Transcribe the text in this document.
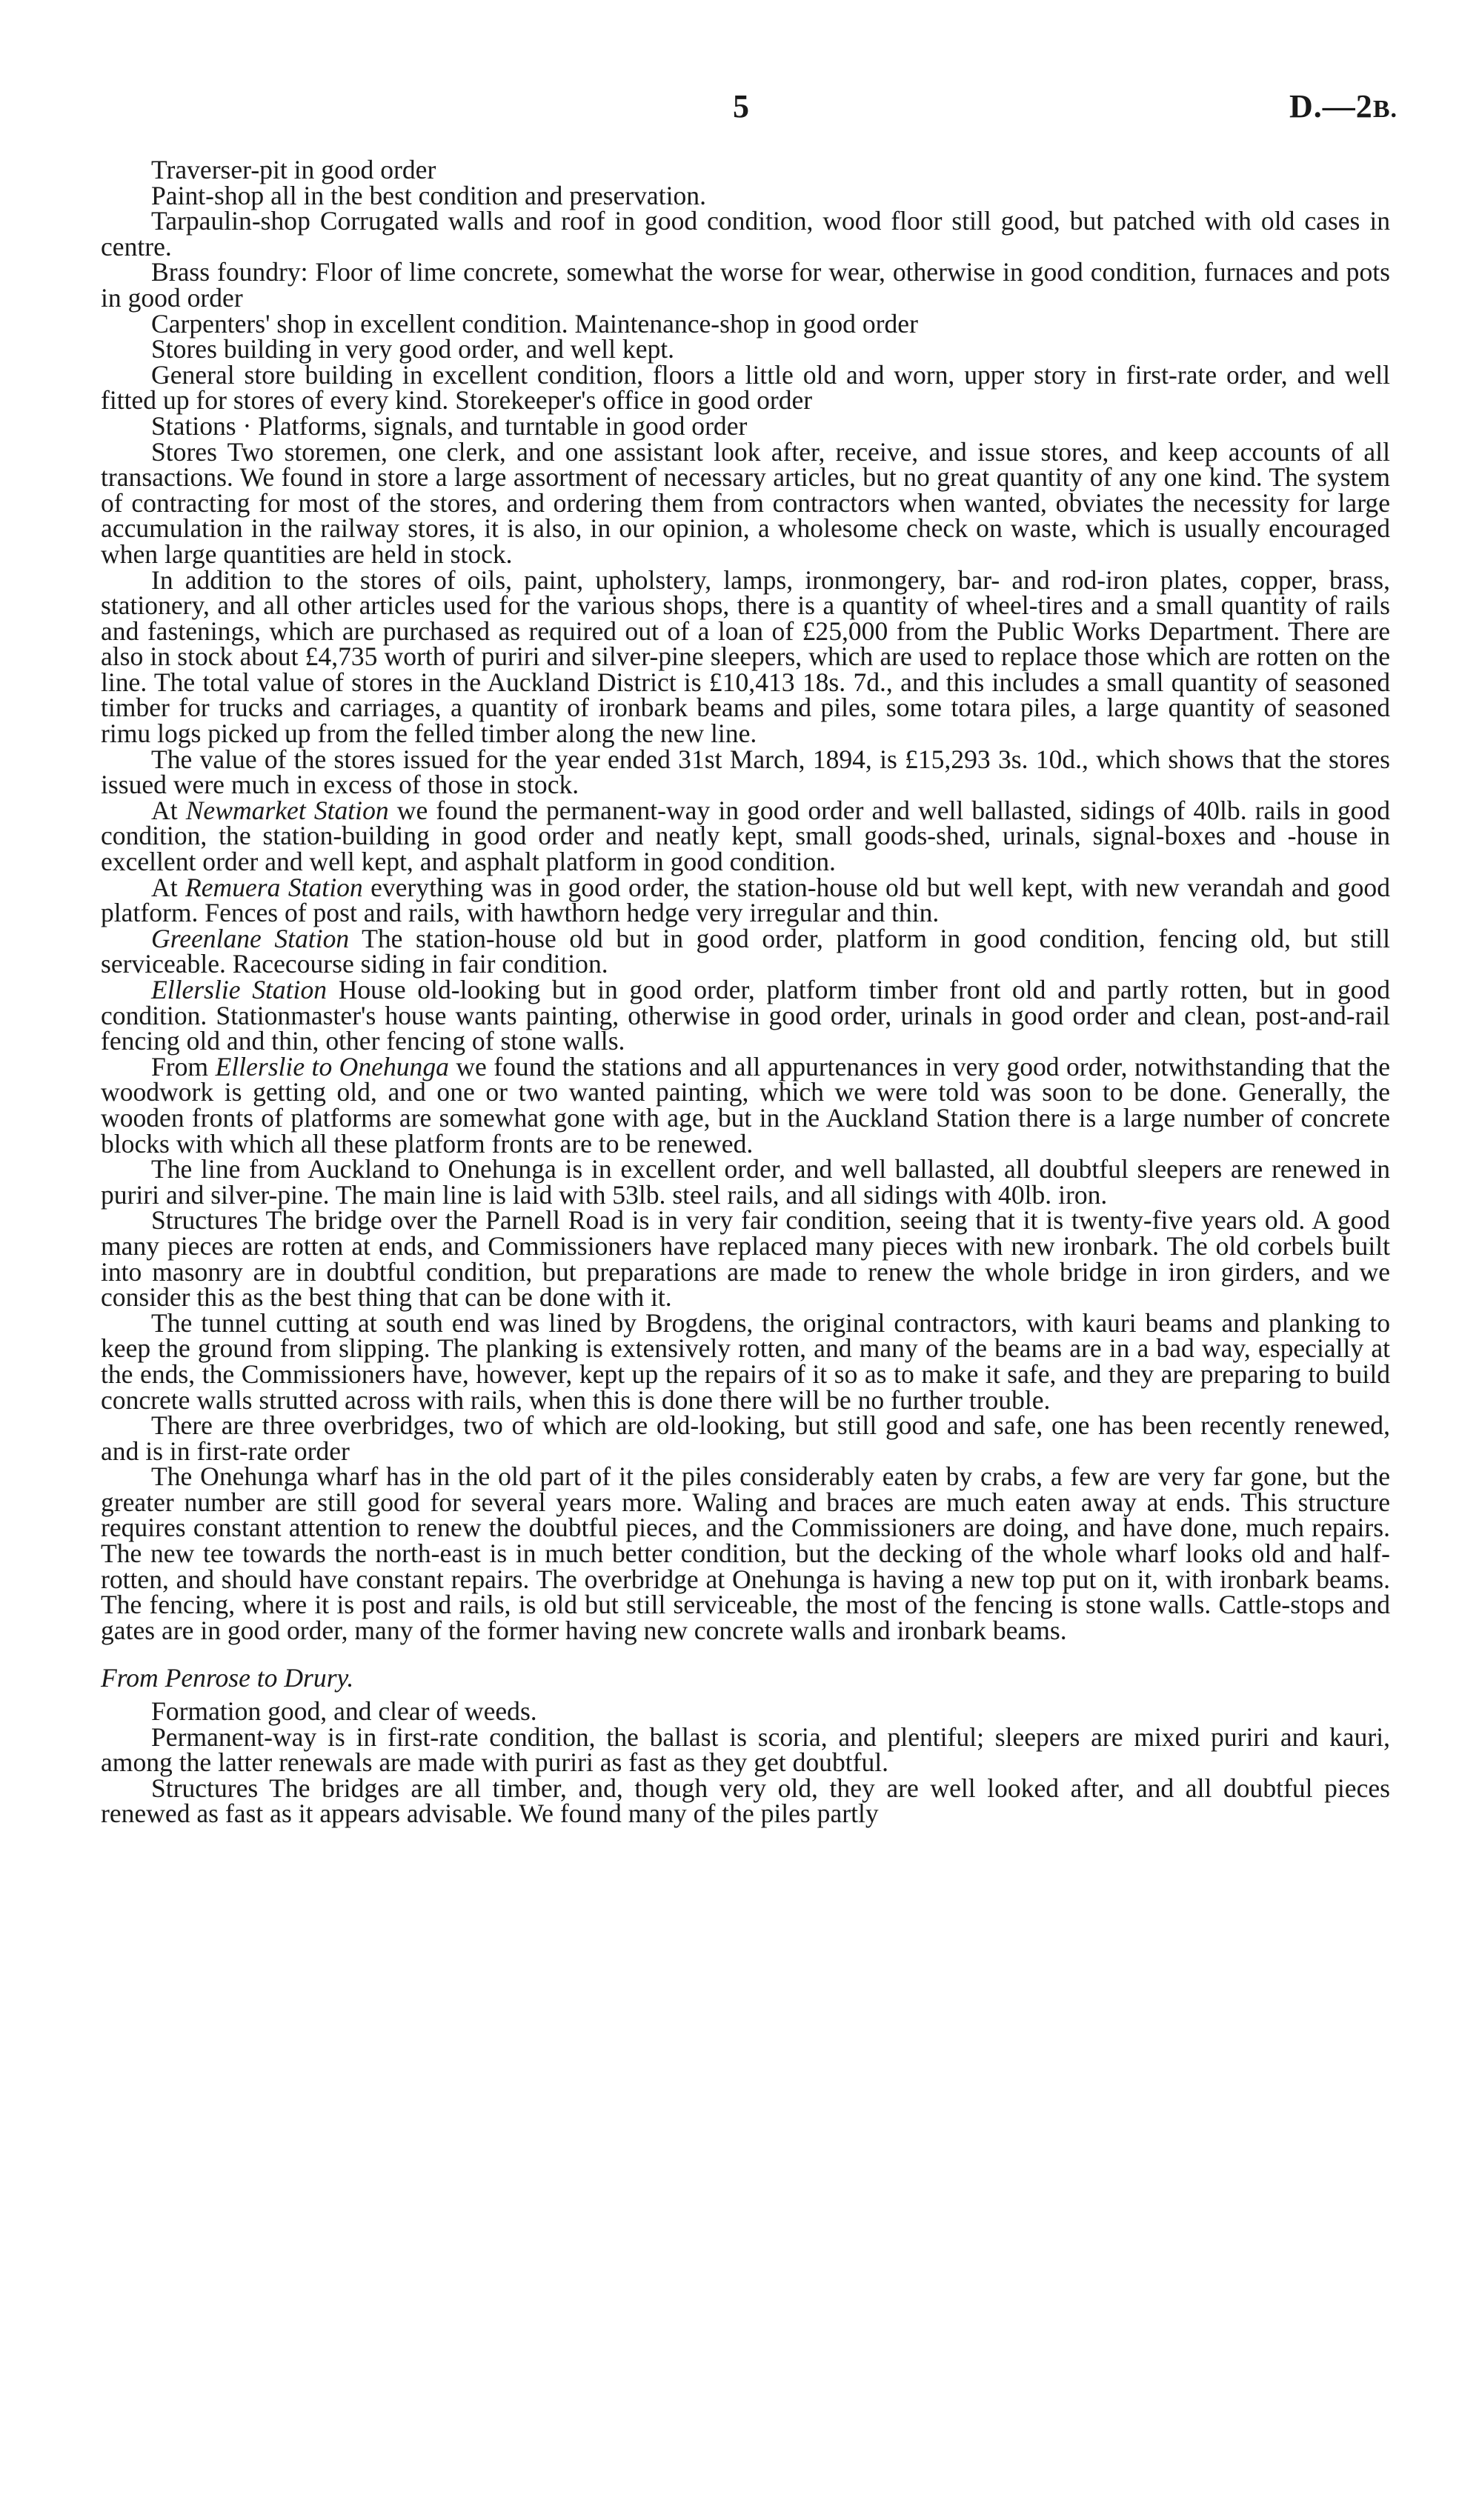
5	D.—2B.

Traverser-pit in good order

Paint-shop all in the best condition and preservation.

Tarpaulin-shop Corrugated walls and roof in good condition, wood floor still good, but patched with old cases in centre.

Brass foundry: Floor of lime concrete, somewhat the worse for wear, otherwise in good condition, furnaces and pots in good order

Carpenters' shop in excellent condition. Maintenance-shop in good order

Stores building in very good order, and well kept.

General store building in excellent condition, floors a little old and worn, upper story in first-rate order, and well fitted up for stores of every kind. Storekeeper's office in good order

Stations · Platforms, signals, and turntable in good order

Stores Two storemen, one clerk, and one assistant look after, receive, and issue stores, and keep accounts of all transactions. We found in store a large assortment of necessary articles, but no great quantity of any one kind. The system of contracting for most of the stores, and ordering them from contractors when wanted, obviates the necessity for large accumulation in the railway stores, it is also, in our opinion, a wholesome check on waste, which is usually encouraged when large quantities are held in stock.

In addition to the stores of oils, paint, upholstery, lamps, ironmongery, bar- and rod-iron plates, copper, brass, stationery, and all other articles used for the various shops, there is a quantity of wheel-tires and a small quantity of rails and fastenings, which are purchased as required out of a loan of £25,000 from the Public Works Department. There are also in stock about £4,735 worth of puriri and silver-pine sleepers, which are used to replace those which are rotten on the line. The total value of stores in the Auckland District is £10,413 18s. 7d., and this includes a small quantity of seasoned timber for trucks and carriages, a quantity of ironbark beams and piles, some totara piles, a large quantity of seasoned rimu logs picked up from the felled timber along the new line.

The value of the stores issued for the year ended 31st March, 1894, is £15,293 3s. 10d., which shows that the stores issued were much in excess of those in stock.

At Newmarket Station we found the permanent-way in good order and well ballasted, sidings of 40lb. rails in good condition, the station-building in good order and neatly kept, small goods-shed, urinals, signal-boxes and -house in excellent order and well kept, and asphalt platform in good condition.

At Remuera Station everything was in good order, the station-house old but well kept, with new verandah and good platform. Fences of post and rails, with hawthorn hedge very irregular and thin.

Greenlane Station The station-house old but in good order, platform in good condition, fencing old, but still serviceable. Racecourse siding in fair condition.

Ellerslie Station House old-looking but in good order, platform timber front old and partly rotten, but in good condition. Stationmaster's house wants painting, otherwise in good order, urinals in good order and clean, post-and-rail fencing old and thin, other fencing of stone walls.

From Ellerslie to Onehunga we found the stations and all appurtenances in very good order, notwithstanding that the woodwork is getting old, and one or two wanted painting, which we were told was soon to be done. Generally, the wooden fronts of platforms are somewhat gone with age, but in the Auckland Station there is a large number of concrete blocks with which all these platform fronts are to be renewed.

The line from Auckland to Onehunga is in excellent order, and well ballasted, all doubtful sleepers are renewed in puriri and silver-pine. The main line is laid with 53lb. steel rails, and all sidings with 40lb. iron.

Structures The bridge over the Parnell Road is in very fair condition, seeing that it is twenty-five years old. A good many pieces are rotten at ends, and Commissioners have replaced many pieces with new ironbark. The old corbels built into masonry are in doubtful condition, but preparations are made to renew the whole bridge in iron girders, and we consider this as the best thing that can be done with it.

The tunnel cutting at south end was lined by Brogdens, the original contractors, with kauri beams and planking to keep the ground from slipping. The planking is extensively rotten, and many of the beams are in a bad way, especially at the ends, the Commissioners have, however, kept up the repairs of it so as to make it safe, and they are preparing to build concrete walls strutted across with rails, when this is done there will be no further trouble.

There are three overbridges, two of which are old-looking, but still good and safe, one has been recently renewed, and is in first-rate order

The Onehunga wharf has in the old part of it the piles considerably eaten by crabs, a few are very far gone, but the greater number are still good for several years more. Waling and braces are much eaten away at ends. This structure requires constant attention to renew the doubtful pieces, and the Commissioners are doing, and have done, much repairs. The new tee towards the north-east is in much better condition, but the decking of the whole wharf looks old and half-rotten, and should have constant repairs. The overbridge at Onehunga is having a new top put on it, with ironbark beams. The fencing, where it is post and rails, is old but still serviceable, the most of the fencing is stone walls. Cattle-stops and gates are in good order, many of the former having new concrete walls and ironbark beams.

From Penrose to Drury.

Formation good, and clear of weeds.

Permanent-way is in first-rate condition, the ballast is scoria, and plentiful; sleepers are mixed puriri and kauri, among the latter renewals are made with puriri as fast as they get doubtful.

Structures The bridges are all timber, and, though very old, they are well looked after, and all doubtful pieces renewed as fast as it appears advisable. We found many of the piles partly
